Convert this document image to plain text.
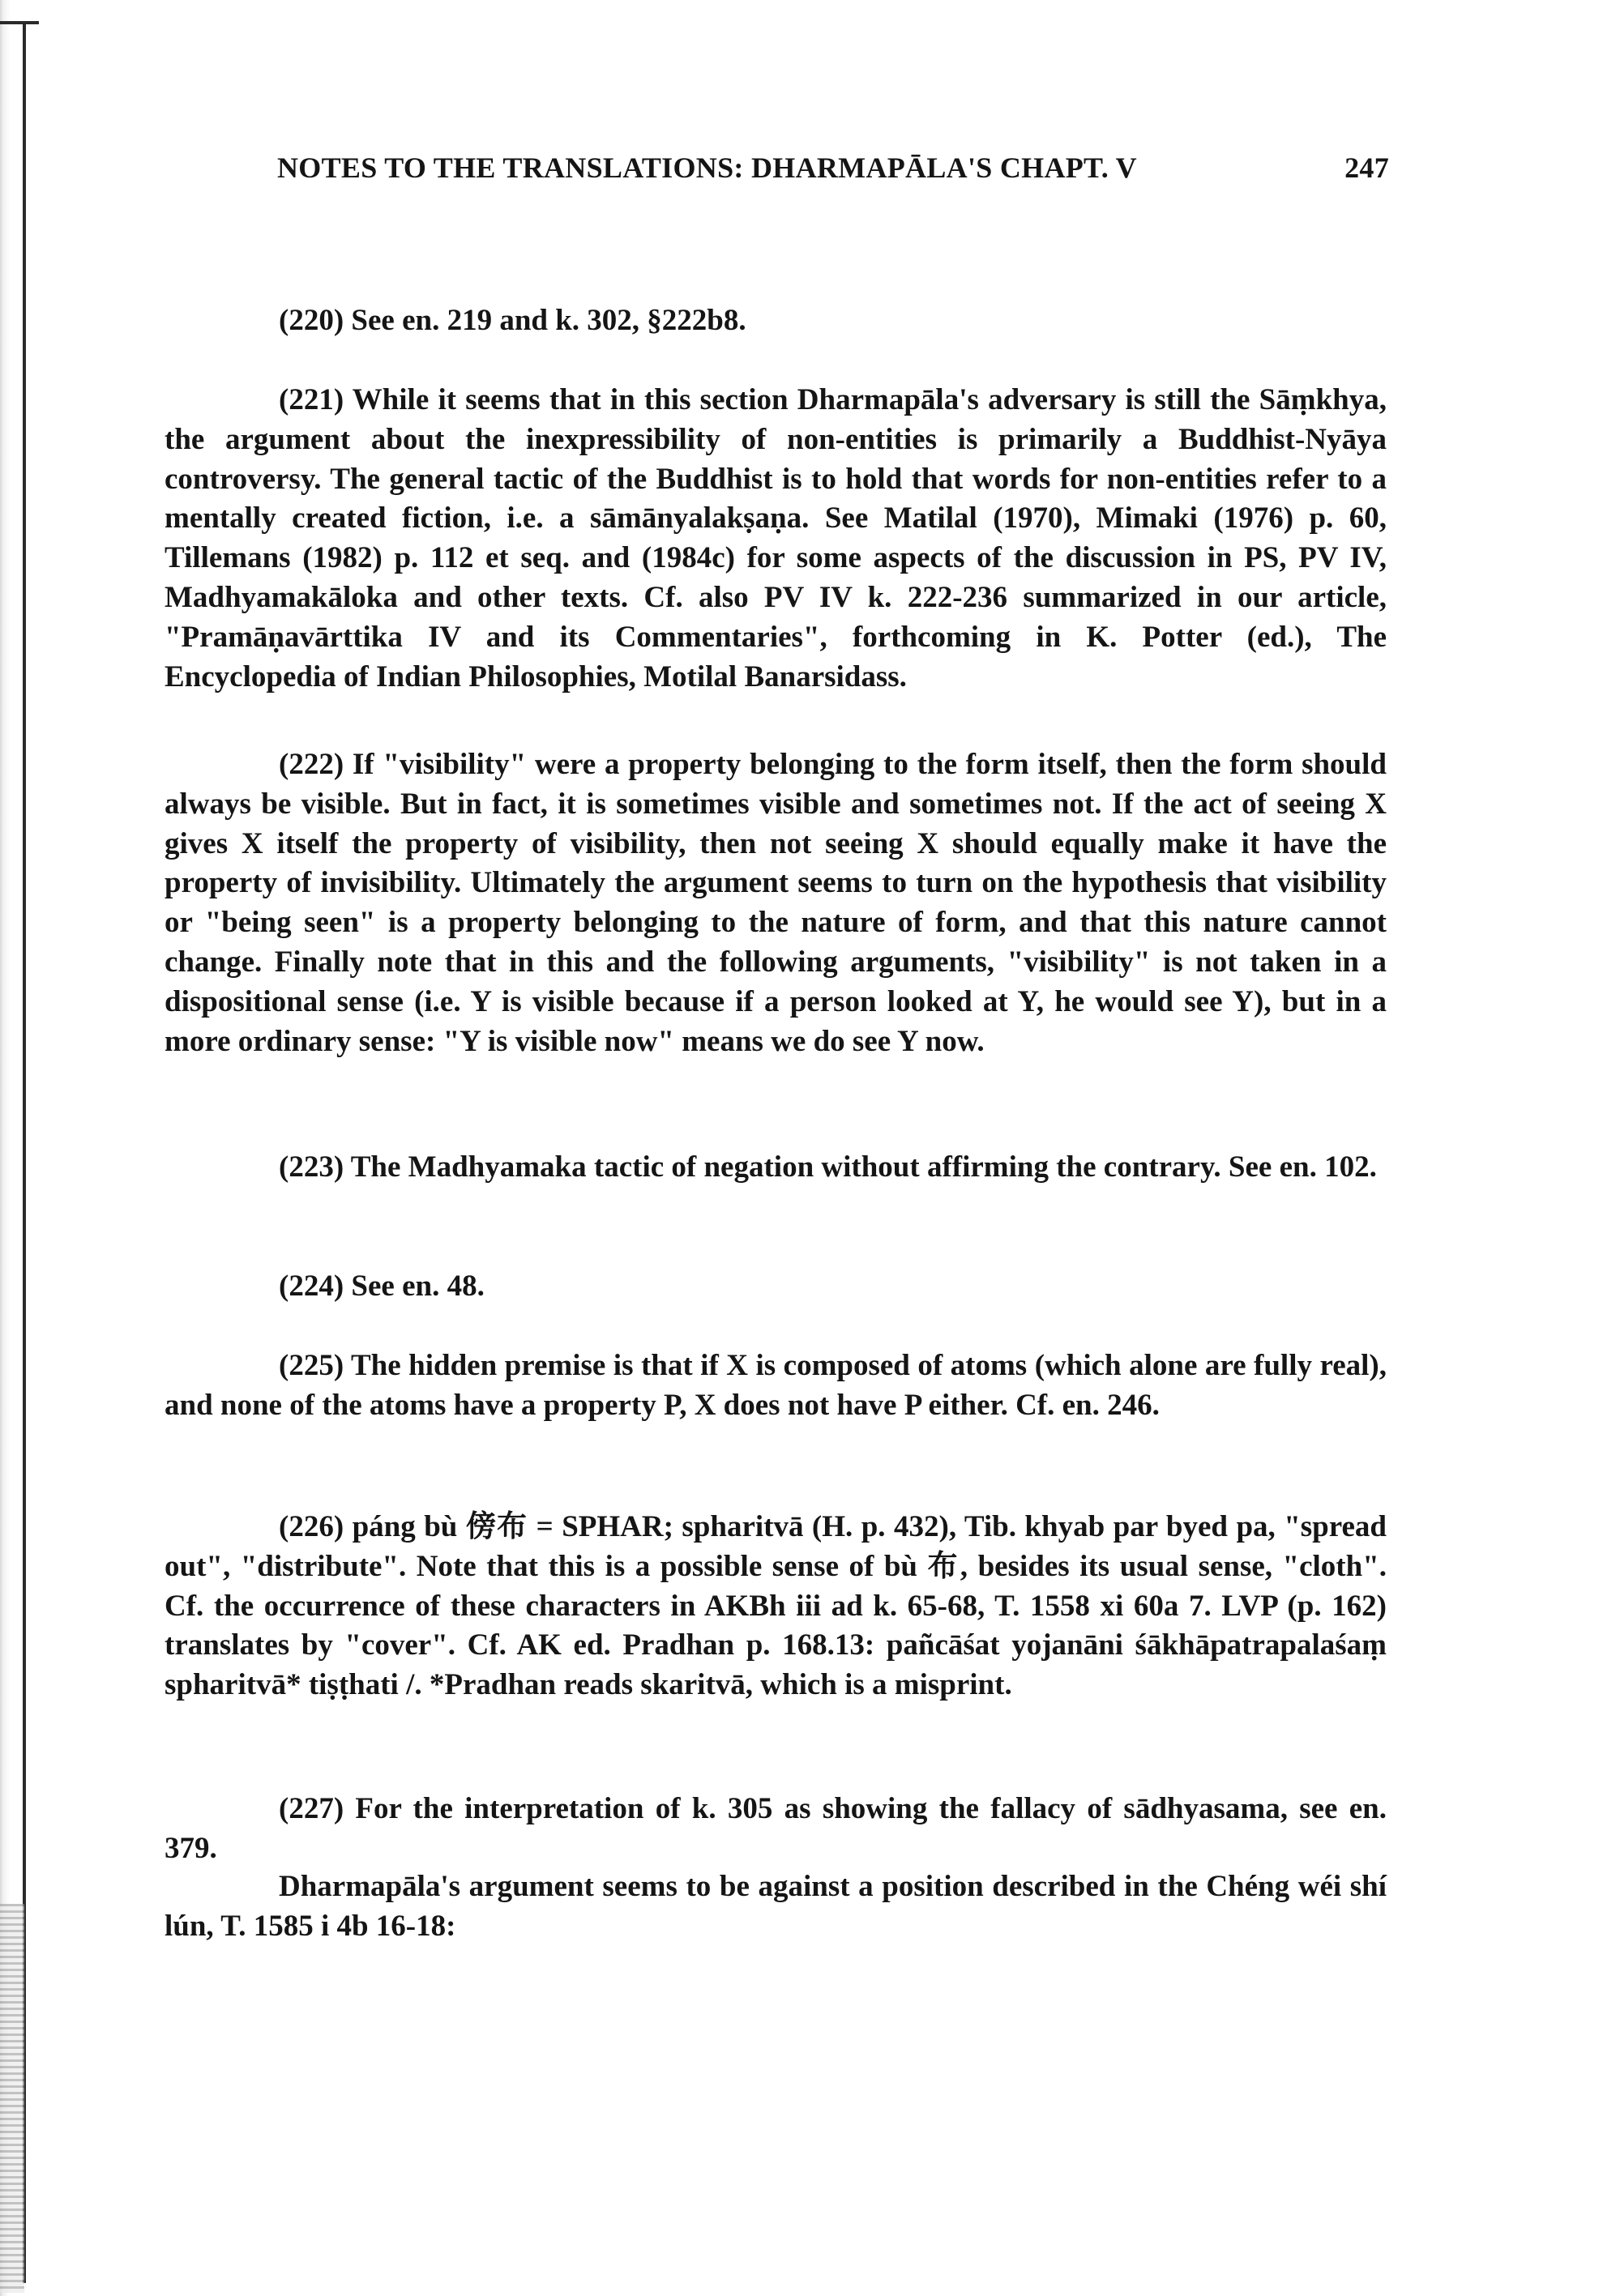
NOTES TO THE TRANSLATIONS: DHARMAPĀLA'S CHAPT. V	247

(220) See en. 219 and k. 302, §222b8.

(221) While it seems that in this section Dharmapāla's adversary is still the Sāṃkhya, the argument about the inexpressibility of non-entities is primarily a Buddhist-Nyāya controversy. The general tactic of the Buddhist is to hold that words for non-entities refer to a mentally created fiction, i.e. a sāmānyalakṣaṇa. See Matilal (1970), Mimaki (1976) p. 60, Tillemans (1982) p. 112 et seq. and (1984c) for some aspects of the discussion in PS, PV IV, Madhyamakāloka and other texts. Cf. also PV IV k. 222-236 summarized in our article, "Pramāṇavārttika IV and its Commentaries", forthcoming in K. Potter (ed.), The Encyclopedia of Indian Philosophies, Motilal Banarsidass.

(222) If "visibility" were a property belonging to the form itself, then the form should always be visible. But in fact, it is sometimes visible and sometimes not. If the act of seeing X gives X itself the property of visibility, then not seeing X should equally make it have the property of invisibility. Ultimately the argument seems to turn on the hypothesis that visibility or "being seen" is a property belonging to the nature of form, and that this nature cannot change. Finally note that in this and the following arguments, "visibility" is not taken in a dispositional sense (i.e. Y is visible because if a person looked at Y, he would see Y), but in a more ordinary sense: "Y is visible now" means we do see Y now.

(223) The Madhyamaka tactic of negation without affirming the contrary. See en. 102.

(224) See en. 48.

(225) The hidden premise is that if X is composed of atoms (which alone are fully real), and none of the atoms have a property P, X does not have P either. Cf. en. 246.

(226) páng bù 傍布 = SPHAR; spharitvā (H. p. 432), Tib. khyab par byed pa, "spread out", "distribute". Note that this is a possible sense of bù 布, besides its usual sense, "cloth". Cf. the occurrence of these characters in AKBh iii ad k. 65-68, T. 1558 xi 60a 7. LVP (p. 162) translates by "cover". Cf. AK ed. Pradhan p. 168.13: pañcāśat yojanāni śākhāpatrapalaśaṃ spharitvā* tiṣṭhati /. *Pradhan reads skaritvā, which is a misprint.

(227) For the interpretation of k. 305 as showing the fallacy of sādhyasama, see en. 379.

Dharmapāla's argument seems to be against a position described in the Chéng wéi shí lún, T. 1585 i 4b 16-18:
